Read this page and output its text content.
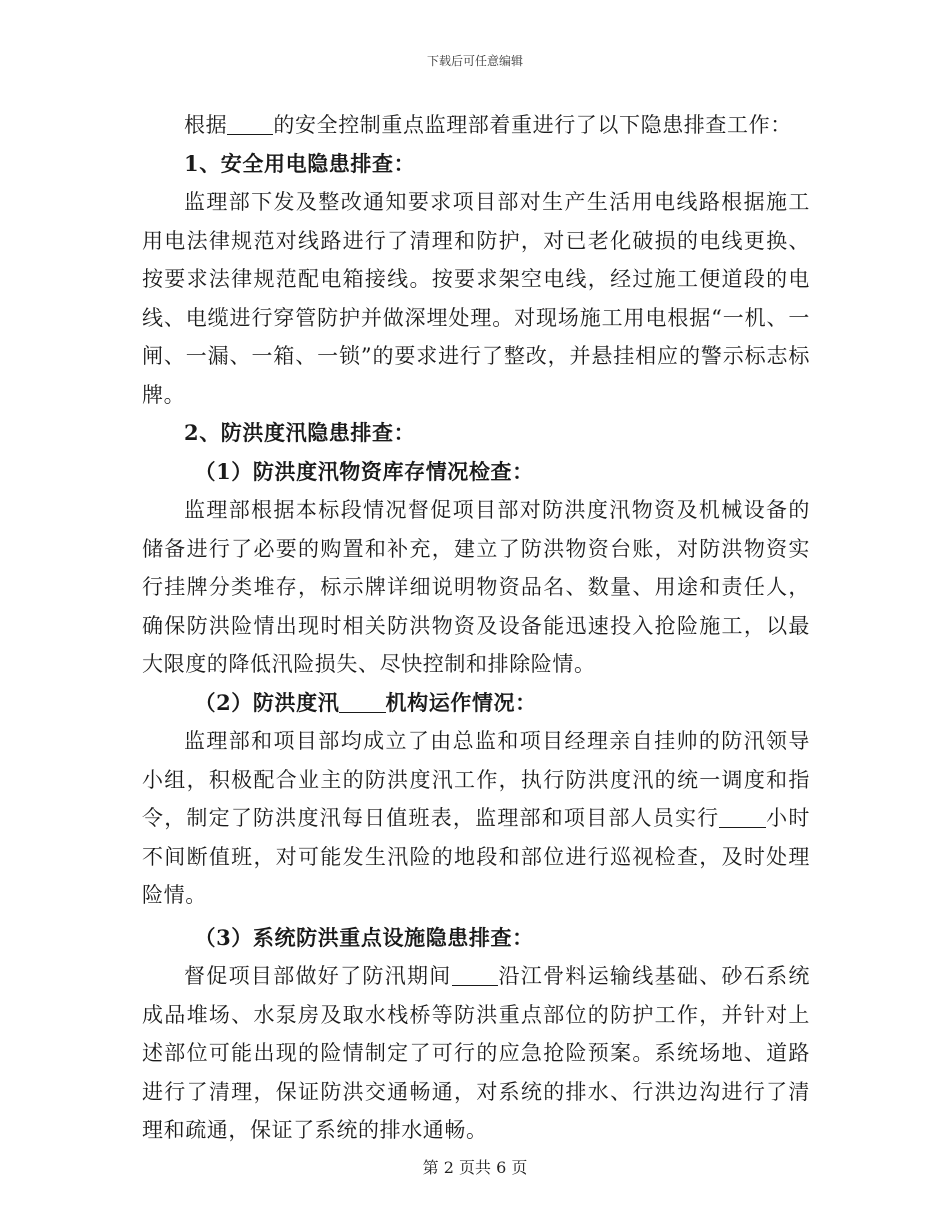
下载后可任意编辑

根据 的安全控制重点监理部着重进行了以下隐患排查工作：

1、安全用电隐患排查：

监理部下发及整改通知要求项目部对生产生活用电线路根据施工用电法律规范对线路进行了清理和防护，对已老化破损的电线更换、按要求法律规范配电箱接线。按要求架空电线，经过施工便道段的电线、电缆进行穿管防护并做深埋处理。对现场施工用电根据“一机、一闸、一漏、一箱、一锁”的要求进行了整改，并悬挂相应的警示标志标牌。

2、防洪度汛隐患排查：

（1）防洪度汛物资库存情况检查：

监理部根据本标段情况督促项目部对防洪度汛物资及机械设备的储备进行了必要的购置和补充，建立了防洪物资台账，对防洪物资实行挂牌分类堆存，标示牌详细说明物资品名、数量、用途和责任人，确保防洪险情出现时相关防洪物资及设备能迅速投入抢险施工，以最大限度的降低汛险损失、尽快控制和排除险情。

（2）防洪度汛 机构运作情况：

监理部和项目部均成立了由总监和项目经理亲自挂帅的防汛领导小组，积极配合业主的防洪度汛工作，执行防洪度汛的统一调度和指令，制定了防洪度汛每日值班表，监理部和项目部人员实行 小时不间断值班，对可能发生汛险的地段和部位进行巡视检查，及时处理险情。

（3）系统防洪重点设施隐患排查：

督促项目部做好了防汛期间 沿江骨料运输线基础、砂石系统成品堆场、水泵房及取水栈桥等防洪重点部位的防护工作，并针对上述部位可能出现的险情制定了可行的应急抢险预案。系统场地、道路进行了清理，保证防洪交通畅通，对系统的排水、行洪边沟进行了清理和疏通，保证了系统的排水通畅。

第 2 页共 6 页
